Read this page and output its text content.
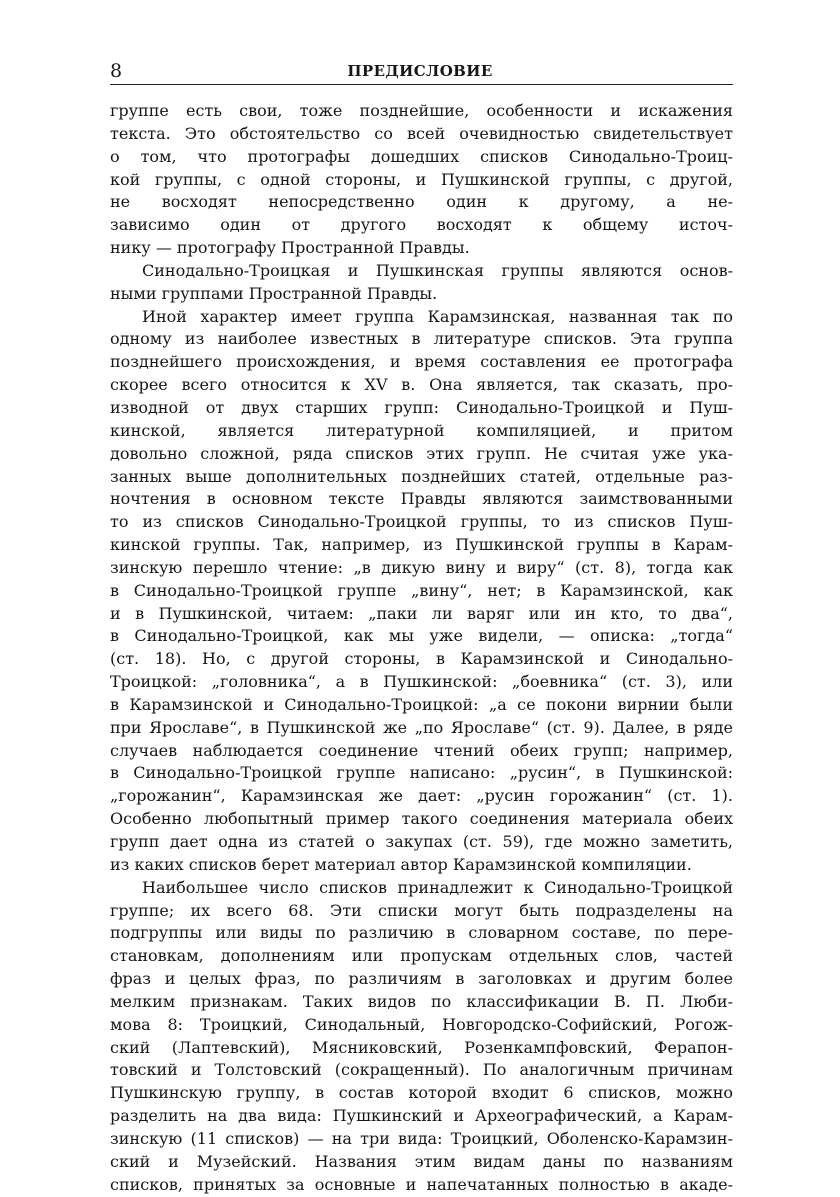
8	ПРЕДИСЛОВИЕ
группе есть свои, тоже позднейшие, особенности и искажения
текста. Это обстоятельство со всей очевидностью свидетельствует
о том, что протографы дошедших списков Синодально-Троиц-
кой группы, с одной стороны, и Пушкинской группы, с другой,
не восходят непосредственно один к другому, а не-
зависимо один от другого восходят к общему источ-
нику — протографу Пространной Правды.
Синодально-Троицкая и Пушкинская группы являются основ-
ными группами Пространной Правды.
Иной характер имеет группа Карамзинская, названная так по
одному из наиболее известных в литературе списков. Эта группа
позднейшего происхождения, и время составления ее протографа
скорее всего относится к XV в. Она является, так сказать, про-
изводной от двух старших групп: Синодально-Троицкой и Пуш-
кинской, является литературной компиляцией, и притом
довольно сложной, ряда списков этих групп. Не считая уже ука-
занных выше дополнительных позднейших статей, отдельные раз-
ночтения в основном тексте Правды являются заимствованными
то из списков Синодально-Троицкой группы, то из списков Пуш-
кинской группы. Так, например, из Пушкинской группы в Карам-
зинскую перешло чтение: „в дикую вину и виру“ (ст. 8), тогда как
в Синодально-Троицкой группе „вину“, нет; в Карамзинской, как
и в Пушкинской, читаем: „паки ли варяг или ин кто, то два“,
в Синодально-Троицкой, как мы уже видели, — описка: „тогда“
(ст. 18). Но, с другой стороны, в Карамзинской и Синодально-
Троицкой: „головника“, а в Пушкинской: „боевника“ (ст. 3), или
в Карамзинской и Синодально-Троицкой: „а се покони вирнии были
при Ярославе“, в Пушкинской же „по Ярославе“ (ст. 9). Далее, в ряде
случаев наблюдается соединение чтений обеих групп; например,
в Синодально-Троицкой группе написано: „русин“, в Пушкинской:
„горожанин“, Карамзинская же дает: „русин горожанин“ (ст. 1).
Особенно любопытный пример такого соединения материала обеих
групп дает одна из статей о закупах (ст. 59), где можно заметить,
из каких списков берет материал автор Карамзинской компиляции.
Наибольшее число списков принадлежит к Синодально-Троицкой
группе; их всего 68. Эти списки могут быть подразделены на
подгруппы или виды по различию в словарном составе, по пере-
становкам, дополнениям или пропускам отдельных слов, частей
фраз и целых фраз, по различиям в заголовках и другим более
мелким признакам. Таких видов по классификации В. П. Люби-
мова 8: Троицкий, Синодальный, Новгородско-Софийский, Рогож-
ский (Лаптевский), Мясниковский, Розенкампфовский, Ферапон-
товский и Толстовский (сокращенный). По аналогичным причинам
Пушкинскую группу, в состав которой входит 6 списков, можно
разделить на два вида: Пушкинский и Археографический, а Карам-
зинскую (11 списков) — на три вида: Троицкий, Оболенско-Карамзин-
ский и Музейский. Названия этим видам даны по названиям
списков, принятых за основные и напечатанных полностью в акаде-
